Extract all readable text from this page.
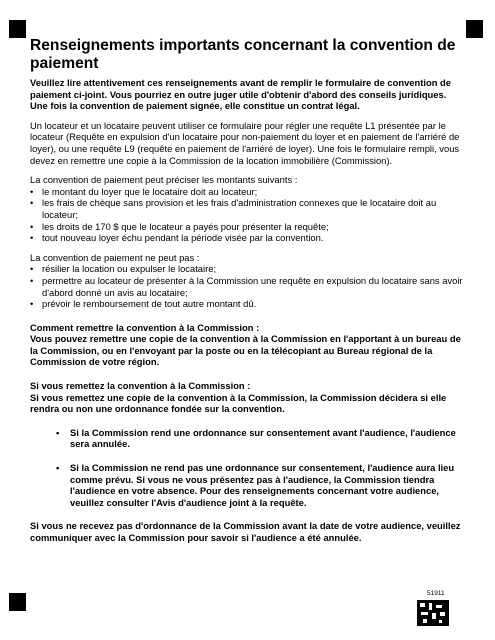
Renseignements importants concernant la convention de paiement

Veuillez lire attentivement ces renseignements avant de remplir le formulaire de convention de paiement ci-joint. Vous pourriez en outre juger utile d'obtenir d'abord des conseils juridiques. Une fois la convention de paiement signée, elle constitue un contrat légal.

Un locateur et un locataire peuvent utiliser ce formulaire pour régler une requête L1 présentée par le locateur (Requête en expulsion d'un locataire pour non-paiement du loyer et en paiement de l'arriéré de loyer), ou une requête L9 (requête en paiement de l'arriéré de loyer). Une fois le formulaire rempli, vous devez en remettre une copie à la Commission de la location immobilière (Commission).

La convention de paiement peut préciser les montants suivants :

• le montant du loyer que le locataire doit au locateur;
• les frais de chèque sans provision et les frais d'administration connexes que le locataire doit au locateur;
• les droits de 170 $ que le locateur a payés pour présenter la requête;
• tout nouveau loyer échu pendant la période visée par la convention.

La convention de paiement ne peut pas :

• résilier la location ou expulser le locataire;
• permettre au locateur de présenter à la Commission une requête en expulsion du locataire sans avoir d'abord donné un avis au locataire;
• prévoir le remboursement de tout autre montant dû.

Comment remettre la convention à la Commission :

Vous pouvez remettre une copie de la convention à la Commission en l'apportant à un bureau de la Commission, ou en l'envoyant par la poste ou en la télécopiant au Bureau régional de la Commission de votre région.

Si vous remettez la convention à la Commission :

Si vous remettez une copie de la convention à la Commission, la Commission décidera si elle rendra ou non une ordonnance fondée sur la convention.

• Si la Commission rend une ordonnance sur consentement avant l'audience, l'audience sera annulée.
• Si la Commission ne rend pas une ordonnance sur consentement, l'audience aura lieu comme prévu. Si vous ne vous présentez pas à l'audience, la Commission tiendra l'audience en votre absence. Pour des renseignements concernant votre audience, veuillez consulter l'Avis d'audience joint à la requête.

Si vous ne recevez pas d'ordonnance de la Commission avant la date de votre audience, veuillez communiquer avec la Commission pour savoir si l'audience a été annulée.

51911
